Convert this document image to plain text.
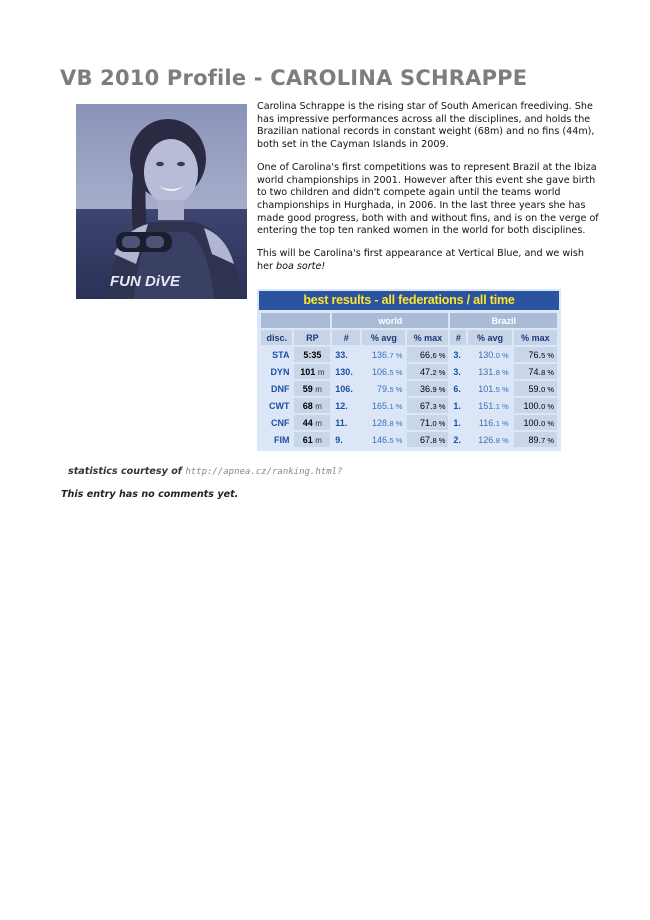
VB 2010 Profile - CAROLINA SCHRAPPE
FUN DiVE

Carolina Schrappe is the rising star of South American freediving. She has impressive performances across all the disciplines, and holds the Brazilian national records in constant weight (68m) and no fins (44m), both set in the Cayman Islands in 2009.

One of Carolina's first competitions was to represent Brazil at the Ibiza world championships in 2001. However after this event she gave birth to two children and didn't compete again until the teams world championships in Hurghada, in 2006. In the last three years she has made good progress, both with and without fins, and is on the verge of entering the top ten ranked women in the world for both disciplines.

This will be Carolina's first appearance at Vertical Blue, and we wish her boa sorte!

best results - all federations / all time
		world			Brazil		
disc.	RP	#	% avg	% max	#	% avg	% max
STA	5:35	33.	136.7 %	66.6 %	3.	130.0 %	76.5 %
DYN	101 m	130.	106.5 %	47.2 %	3.	131.8 %	74.8 %
DNF	59 m	106.	79.5 %	36.9 %	6.	101.5 %	59.0 %
CWT	68 m	12.	165.1 %	67.3 %	1.	151.1 %	100.0 %
CNF	44 m	11.	128.8 %	71.0 %	1.	116.1 %	100.0 %
FIM	61 m	9.	146.5 %	67.8 %	2.	126.8 %	89.7 %
statistics courtesy of http://apnea.cz/ranking.html?
This entry has no comments yet.
